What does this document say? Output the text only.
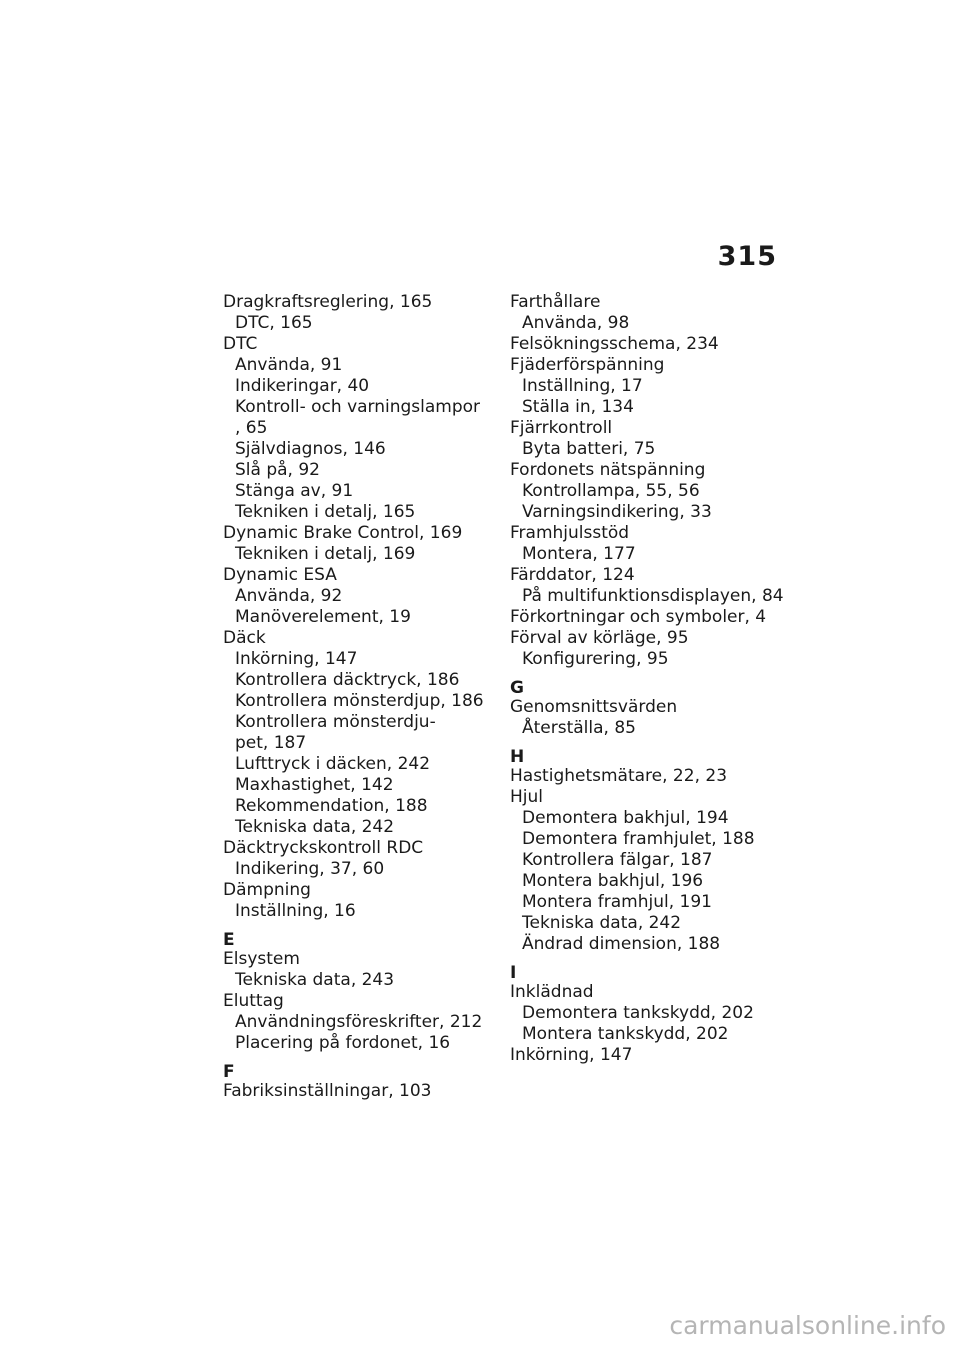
315
Dragkraftsreglering, 165
DTC, 165
DTC
Använda, 91
Indikeringar, 40
Kontroll- och varningslampor
, 65
Självdiagnos, 146
Slå på, 92
Stänga av, 91
Tekniken i detalj, 165
Dynamic Brake Control, 169
Tekniken i detalj, 169
Dynamic ESA
Använda, 92
Manöverelement, 19
Däck
Inkörning, 147
Kontrollera däcktryck, 186
Kontrollera mönsterdjup, 186
Kontrollera mönsterdju-
pet, 187
Lufttryck i däcken, 242
Maxhastighet, 142
Rekommendation, 188
Tekniska data, 242
Däcktryckskontroll RDC
Indikering, 37, 60
Dämpning
Inställning, 16
E
Elsystem
Tekniska data, 243
Eluttag
Användningsföreskrifter, 212
Placering på fordonet, 16
F
Fabriksinställningar, 103
Farthållare
Använda, 98
Felsökningsschema, 234
Fjäderförspänning
Inställning, 17
Ställa in, 134
Fjärrkontroll
Byta batteri, 75
Fordonets nätspänning
Kontrollampa, 55, 56
Varningsindikering, 33
Framhjulsstöd
Montera, 177
Färddator, 124
På multifunktionsdisplayen, 84
Förkortningar och symboler, 4
Förval av körläge, 95
Konfigurering, 95
G
Genomsnittsvärden
Återställa, 85
H
Hastighetsmätare, 22, 23
Hjul
Demontera bakhjul, 194
Demontera framhjulet, 188
Kontrollera fälgar, 187
Montera bakhjul, 196
Montera framhjul, 191
Tekniska data, 242
Ändrad dimension, 188
I
Inklädnad
Demontera tankskydd, 202
Montera tankskydd, 202
Inkörning, 147
carmanualsonline.info
